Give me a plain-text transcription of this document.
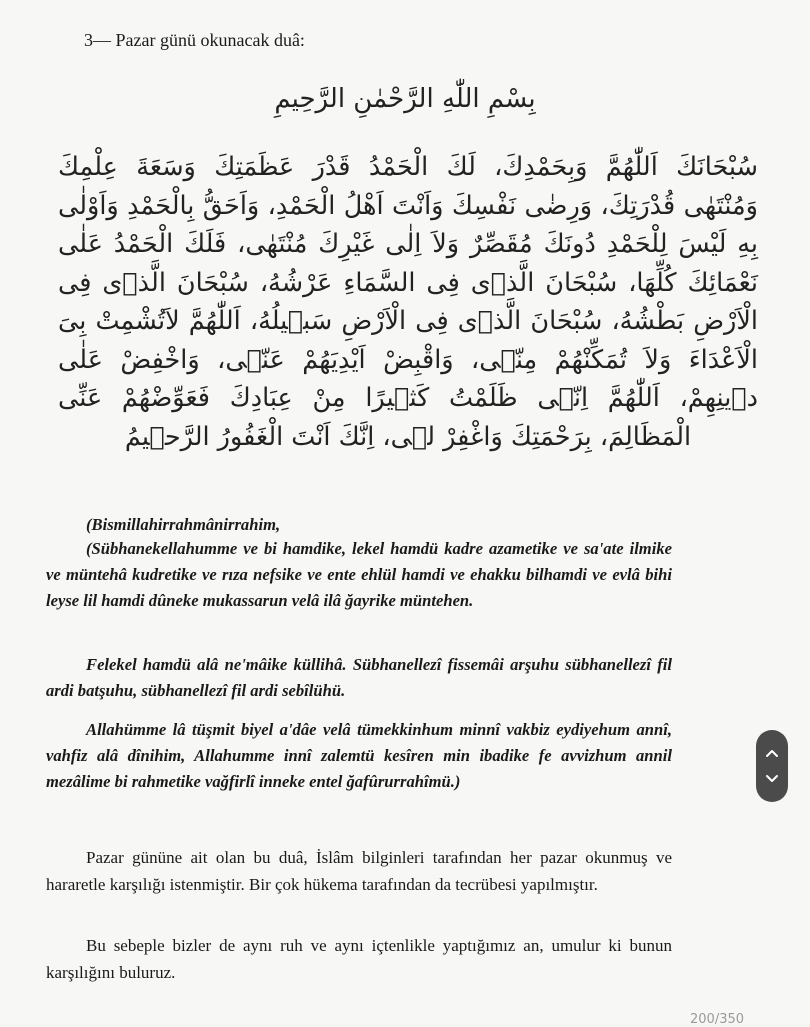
3— Pazar günü okunacak duâ:
بِسْمِ اللّٰهِ الرَّحْمٰنِ الرَّحِيمِ
سُبْحَانَكَ اَللّٰهُمَّ وَبِحَمْدِكَ، لَكَ الْحَمْدُ قَدْرَ عَظَمَتِكَ وَسَعَةَ عِلْمِكَ وَمُنْتَهٰى قُدْرَتِكَ، وَرِضٰى نَفْسِكَ وَاَنْتَ اَهْلُ الْحَمْدِ، وَاَحَقُّ بِالْحَمْدِ وَاَوْلٰى بِهِ لَيْسَ لِلْحَمْدِ دُونَكَ مُقَصِّرٌ وَلاَ اِلٰى غَيْرِكَ مُنْتَهٰى، فَلَكَ الْحَمْدُ عَلٰى نَعْمَائِكَ كُلِّهَا، سُبْحَانَ الَّذٖى فِى السَّمَاءِ عَرْشُهُ، سُبْحَانَ الَّذٖى فِى الْاَرْضِ بَطْشُهُ، سُبْحَانَ الَّذٖى فِى الْاَرْضِ سَبٖيلُهُ، اَللّٰهُمَّ لاَتُشْمِتْ بِىَ الْاَعْدَاءَ وَلاَ تُمَكِّنْهُمْ مِنّٖى، وَاقْبِضْ اَيْدِيَهُمْ عَنّٖى، وَاخْفِضْ عَلٰى دٖينِهِمْ، اَللّٰهُمَّ اِنّٖى ظَلَمْتُ كَثٖيرًا مِنْ عِبَادِكَ فَعَوِّضْهُمْ عَنِّى الْمَظَالِمَ، بِرَحْمَتِكَ وَاغْفِرْ لٖى، اِنَّكَ اَنْتَ الْغَفُورُ الرَّحٖيمُ
(Bismillahirrahmânirrahim,
(Sübhanekellahumme ve bi hamdike, lekel hamdü kadre azametike ve sa'ate ilmike ve müntehâ kudretike ve rıza nefsike ve ente ehlül hamdi ve ehakku bilhamdi ve evlâ bihi leyse lil hamdi dûneke mukassarun velâ ilâ ğayrike müntehen.
Felekel hamdü alâ ne'mâike küllihâ. Sübhanellezî fissemâi arşuhu sübhanellezî fil ardi batşuhu, sübhanellezî fil ardi sebîlühü.
Allahümme lâ tüşmit biyel a'dâe velâ tümekkinhum minnî vakbiz eydiyehum annî, vahfiz alâ dînihim, Allahumme innî zalemtü kesîren min ibadike fe avvizhum annil mezâlime bi rahmetike vağfirlî inneke entel ğafûrurrahîmü.)
Pazar gününe ait olan bu duâ, İslâm bilginleri tarafından her pazar okunmuş ve hararetle karşılığı istenmiştir. Bir çok hükema tarafından da tecrübesi yapılmıştır.
Bu sebeple bizler de aynı ruh ve aynı içtenlikle yaptığımız an, umulur ki bunun karşılığını buluruz.
200/350
